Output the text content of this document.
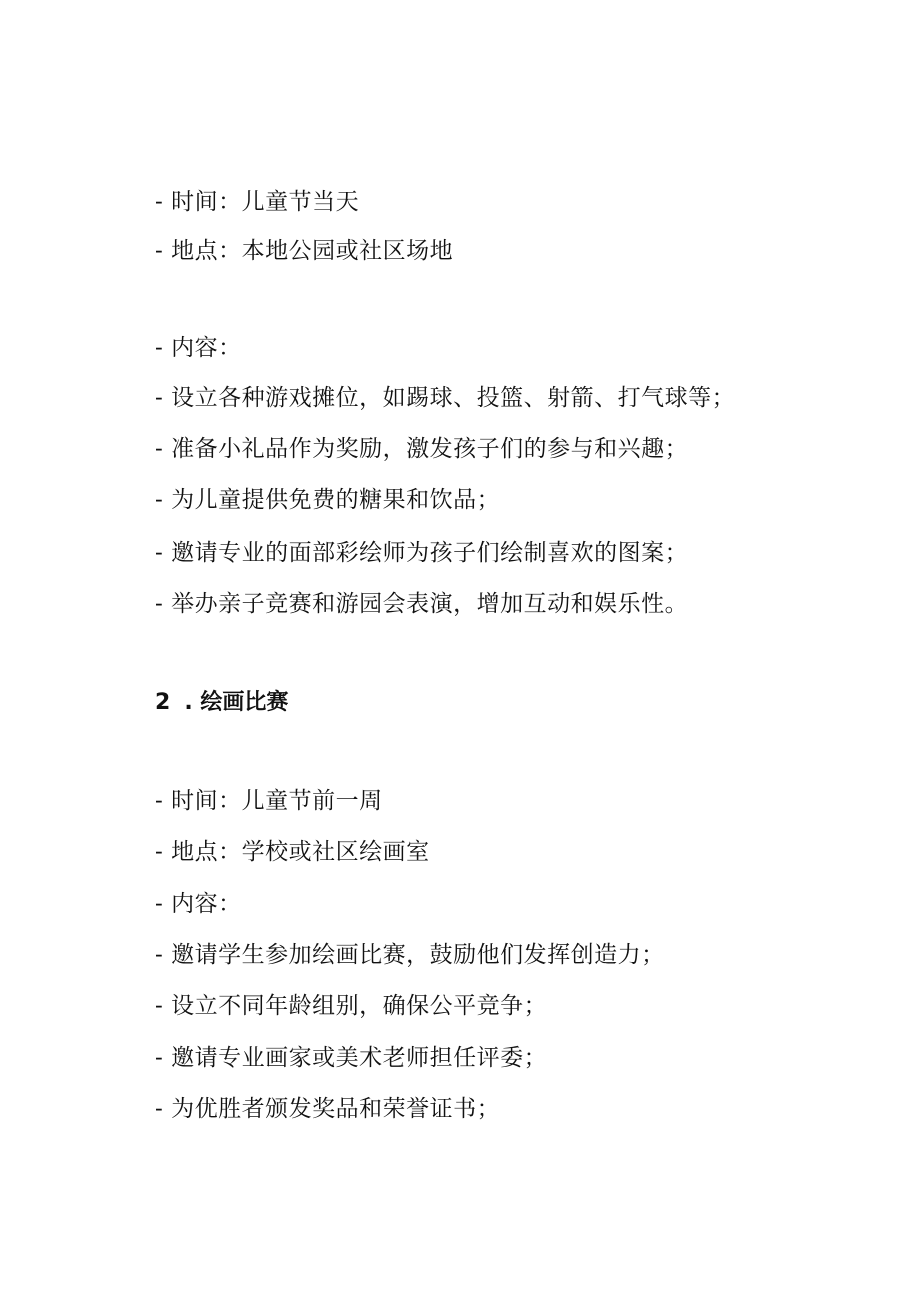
- 时间：儿童节当天
- 地点：本地公园或社区场地
- 内容：
- 设立各种游戏摊位，如踢球、投篮、射箭、打气球等；
- 准备小礼品作为奖励，激发孩子们的参与和兴趣；
- 为儿童提供免费的糖果和饮品；
- 邀请专业的面部彩绘师为孩子们绘制喜欢的图案；
- 举办亲子竞赛和游园会表演，增加互动和娱乐性。
2 . 绘画比赛
- 时间：儿童节前一周
- 地点：学校或社区绘画室
- 内容：
- 邀请学生参加绘画比赛，鼓励他们发挥创造力；
- 设立不同年龄组别，确保公平竞争；
- 邀请专业画家或美术老师担任评委；
- 为优胜者颁发奖品和荣誉证书；
